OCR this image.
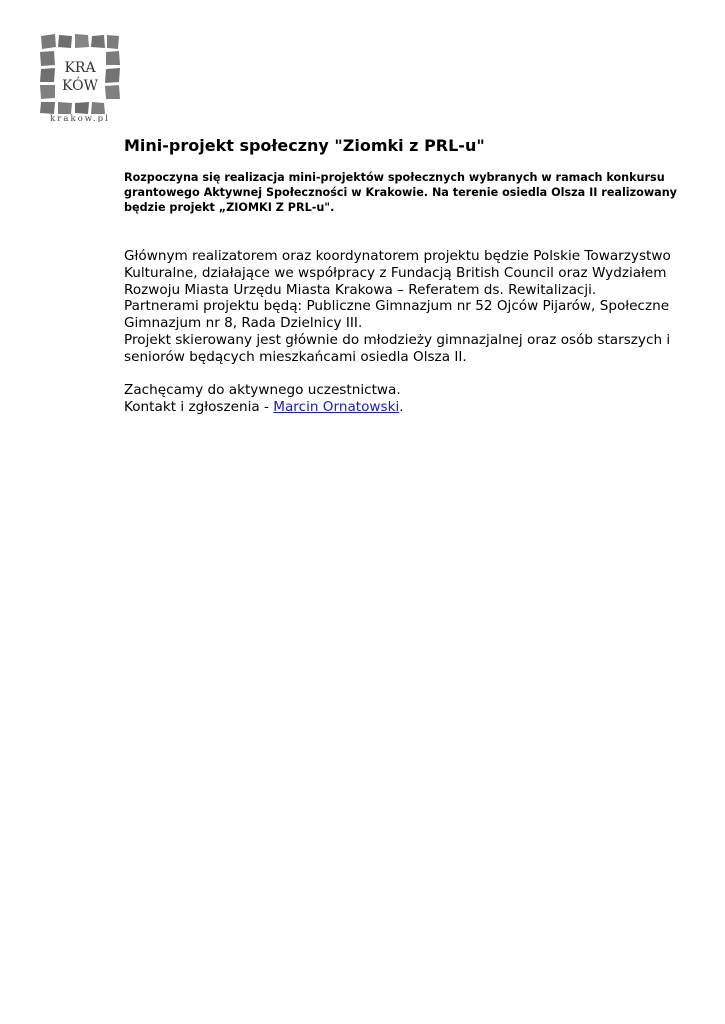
KRA
KÓW
krakow.pl
Mini-projekt społeczny "Ziomki z PRL-u"

Rozpoczyna się realizacja mini-projektów społecznych wybranych w ramach konkursu
grantowego Aktywnej Społeczności w Krakowie. Na terenie osiedla Olsza II realizowany
będzie projekt „ZIOMKI Z PRL-u".

Głównym realizatorem oraz koordynatorem projektu będzie Polskie Towarzystwo
Kulturalne, działające we współpracy z Fundacją British Council oraz Wydziałem
Rozwoju Miasta Urzędu Miasta Krakowa – Referatem ds. Rewitalizacji.
Partnerami projektu będą: Publiczne Gimnazjum nr 52 Ojców Pijarów, Społeczne
Gimnazjum nr 8, Rada Dzielnicy III.
Projekt skierowany jest głównie do młodzieży gimnazjalnej oraz osób starszych i
seniorów będących mieszkańcami osiedla Olsza II.
Zachęcamy do aktywnego uczestnictwa.
Kontakt i zgłoszenia - Marcin Ornatowski.
